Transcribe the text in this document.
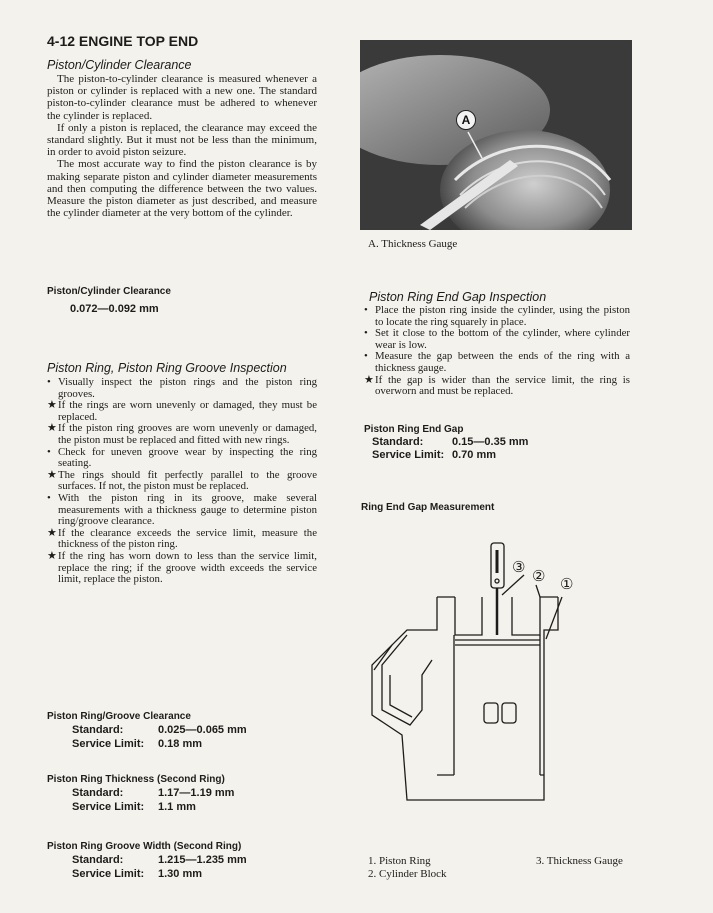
4-12 ENGINE TOP END
Piston/Cylinder Clearance

The piston-to-cylinder clearance is measured whenever a piston or cylinder is replaced with a new one. The standard piston-to-cylinder clearance must be adhered to whenever the cylinder is replaced.

If only a piston is replaced, the clearance may exceed the standard slightly. But it must not be less than the minimum, in order to avoid piston seizure.

The most accurate way to find the piston clearance is by making separate piston and cylinder diameter measurements and then computing the difference between the two values. Measure the piston diameter as just described, and measure the cylinder diameter at the very bottom of the cylinder.

Piston/Cylinder Clearance
0.072—0.092 mm
Piston Ring, Piston Ring Groove Inspection
• Visually inspect the piston rings and the piston ring grooves.
★ If the rings are worn unevenly or damaged, they must be replaced.
★ If the piston ring grooves are worn unevenly or damaged, the piston must be replaced and fitted with new rings.
• Check for uneven groove wear by inspecting the ring seating.
★ The rings should fit perfectly parallel to the groove surfaces. If not, the piston must be replaced.
• With the piston ring in its groove, make several measurements with a thickness gauge to determine piston ring/groove clearance.
★ If the clearance exceeds the service limit, measure the thickness of the piston ring.
★ If the ring has worn down to less than the service limit, replace the ring; if the groove width exceeds the service limit, replace the piston.
Piston Ring/Groove Clearance
Standard:	0.025—0.065 mm
Service Limit:	0.18 mm
Piston Ring Thickness (Second Ring)
Standard:	1.17—1.19 mm
Service Limit:	1.1 mm
Piston Ring Groove Width (Second Ring)
Standard:	1.215—1.235 mm
Service Limit:	1.30 mm
A
A. Thickness Gauge
Piston Ring End Gap Inspection
• Place the piston ring inside the cylinder, using the piston to locate the ring squarely in place.
• Set it close to the bottom of the cylinder, where cylinder wear is low.
• Measure the gap between the ends of the ring with a thickness gauge.
★ If the gap is wider than the service limit, the ring is overworn and must be replaced.
Piston Ring End Gap
Standard:	0.15—0.35 mm
Service Limit: 0.70 mm
Ring End Gap Measurement
③
② ①
1. Piston Ring
2. Cylinder Block
3. Thickness Gauge
